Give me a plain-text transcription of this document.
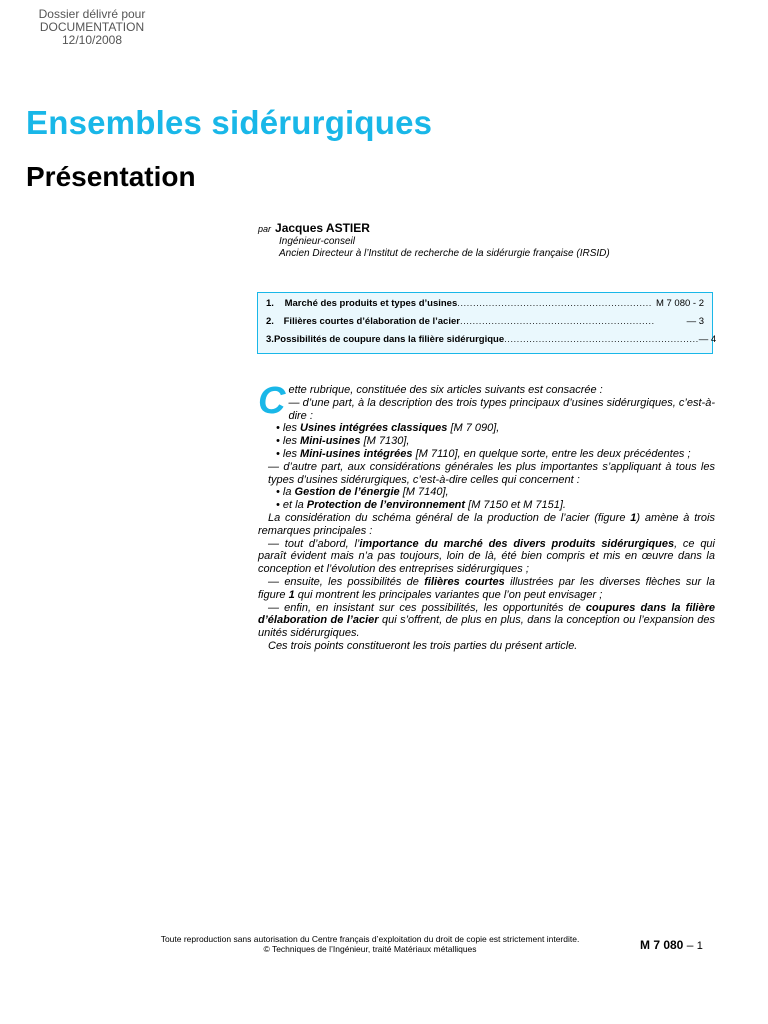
Dossier délivré pour
DOCUMENTATION
12/10/2008
Ensembles sidérurgiques
Présentation
par Jacques ASTIER
Ingénieur-conseil
Ancien Directeur à l’Institut de recherche de la sidérurgie française (IRSID)
1.	Marché des produits et types d’usines .............................................................. M 7 080 - 2
2.	Filières courtes d’élaboration de l’acier ..............................................................	— 3
3. Possibilités de coupure dans la filière sidérurgique .............................................................. — 4

Cette rubrique, constituée des six articles suivants est consacrée :

— d’une part, à la description des trois types principaux d’usines sidérurgiques, c’est-à-dire :

• les Usines intégrées classiques [M 7 090],

• les Mini-usines [M 7130],

• les Mini-usines intégrées [M 7110], en quelque sorte, entre les deux précédentes ;

— d’autre part, aux considérations générales les plus importantes s’appliquant à tous les types d’usines sidérurgiques, c’est-à-dire celles qui concernent :

• la Gestion de l’énergie [M 7140],

• et la Protection de l’environnement [M 7150 et M 7151].

La considération du schéma général de la production de l’acier (figure 1) amène à trois remarques principales :

— tout d’abord, l’importance du marché des divers produits sidérurgiques, ce qui paraît évident mais n’a pas toujours, loin de là, été bien compris et mis en œuvre dans la conception et l’évolution des entreprises sidérurgiques ;

— ensuite, les possibilités de filières courtes illustrées par les diverses flèches sur la figure 1 qui montrent les principales variantes que l’on peut envisager ;

— enfin, en insistant sur ces possibilités, les opportunités de coupures dans la filière d’élaboration de l’acier qui s’offrent, de plus en plus, dans la conception ou l’expansion des unités sidérurgiques.

Ces trois points constitueront les trois parties du présent article.

Toute reproduction sans autorisation du Centre français d’exploitation du droit de copie est strictement interdite.
© Techniques de l’Ingénieur, traité Matériaux métalliques	M 7 080 – 1
